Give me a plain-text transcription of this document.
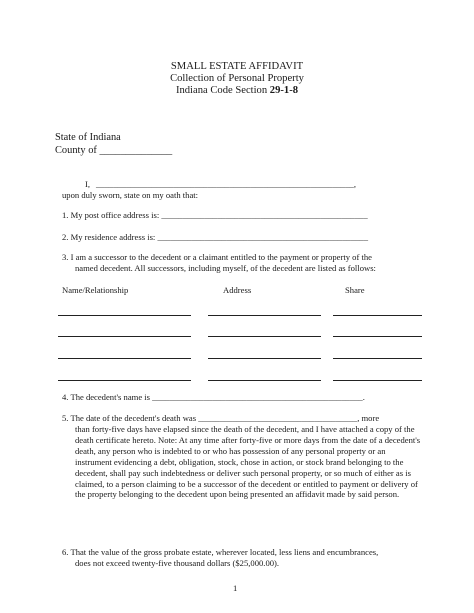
SMALL ESTATE AFFIDAVIT
Collection of Personal Property
Indiana Code Section 29-1-8
State of Indiana
County of ______________
I, ____________________________________________________________,
upon duly sworn, state on my oath that:
1. My post office address is: ________________________________________________
2. My residence address is: _________________________________________________
3. I am a successor to the decedent or a claimant entitled to the payment or property of the
named decedent. All successors, including myself, of the decedent are listed as follows:
Name/Relationship	Address	Share
4. The decedent's name is _________________________________________________.
5. The date of the decedent's death was _____________________________________, more
than forty-five days have elapsed since the death of the decedent, and I have attached a copy of the death certificate hereto. Note: At any time after forty-five or more days from the date of a decedent's death, any person who is indebted to or who has possession of any personal property or an instrument evidencing a debt, obligation, stock, chose in action, or stock brand belonging to the decedent, shall pay such indebtedness or deliver such personal property, or so much of either as is claimed, to a person claiming to be a successor of the decedent or entitled to payment or delivery of the property belonging to the decedent upon being presented an affidavit made by said person.
6. That the value of the gross probate estate, wherever located, less liens and encumbrances,
does not exceed twenty-five thousand dollars ($25,000.00).
1
